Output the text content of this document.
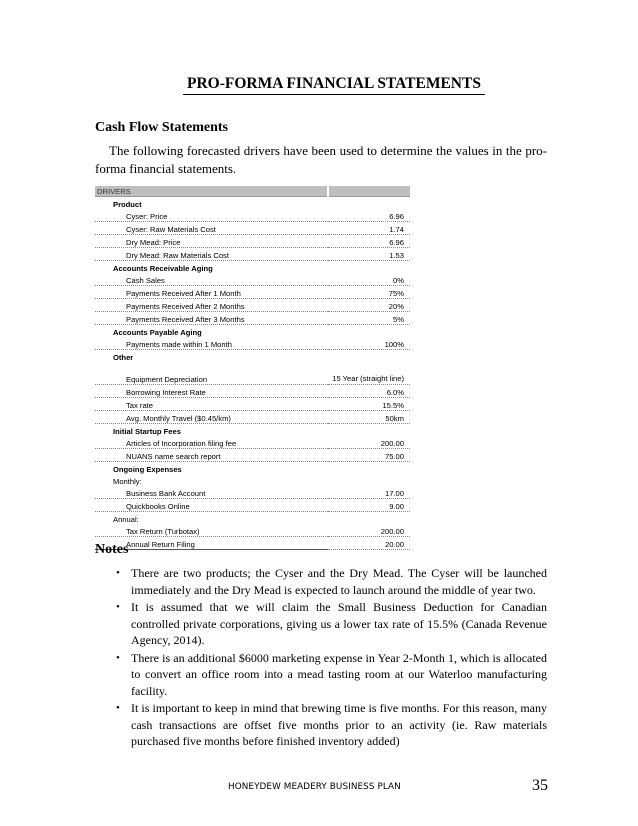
PRO-FORMA FINANCIAL STATEMENTS
Cash Flow Statements
The following forecasted drivers have been used to determine the values in the pro-forma financial statements.
DRIVERS	
Product	
Cyser: Price	6.96
Cyser: Raw Materials Cost	1.74
Dry Mead: Price	6.96
Dry Mead: Raw Materials Cost	1.53
Accounts Receivable Aging	
Cash Sales	0%
Payments Received After 1 Month	75%
Payments Received After 2 Months	20%
Payments Received After 3 Months	5%
Accounts Payable Aging	
Payments made within 1 Month	100%
Other	
Equipment Depreciation	15 Year (straight line)
Borrowing Interest Rate	6.0%
Tax rate	15.5%
Avg. Monthly Travel ($0.45/km)	50km
Initial Startup Fees	
Articles of Incorporation filing fee	200.00
NUANS name search report	75.00
Ongoing Expenses	
Monthly:	
Business Bank Account	17.00
Quickbooks Online	9.00
Annual:	
Tax Return (Turbotax)	200.00
Annual Return Filing	20.00
Notes
• There are two products; the Cyser and the Dry Mead. The Cyser will be launched immediately and the Dry Mead is expected to launch around the middle of year two.
• It is assumed that we will claim the Small Business Deduction for Canadian controlled private corporations, giving us a lower tax rate of 15.5% (Canada Revenue Agency, 2014).
• There is an additional $6000 marketing expense in Year 2-Month 1, which is allocated to convert an office room into a mead tasting room at our Waterloo manufacturing facility.
• It is important to keep in mind that brewing time is five months. For this reason, many cash transactions are offset five months prior to an activity (ie. Raw materials purchased five months before finished inventory added)
HONEYDEW MEADERY BUSINESS PLAN	35
